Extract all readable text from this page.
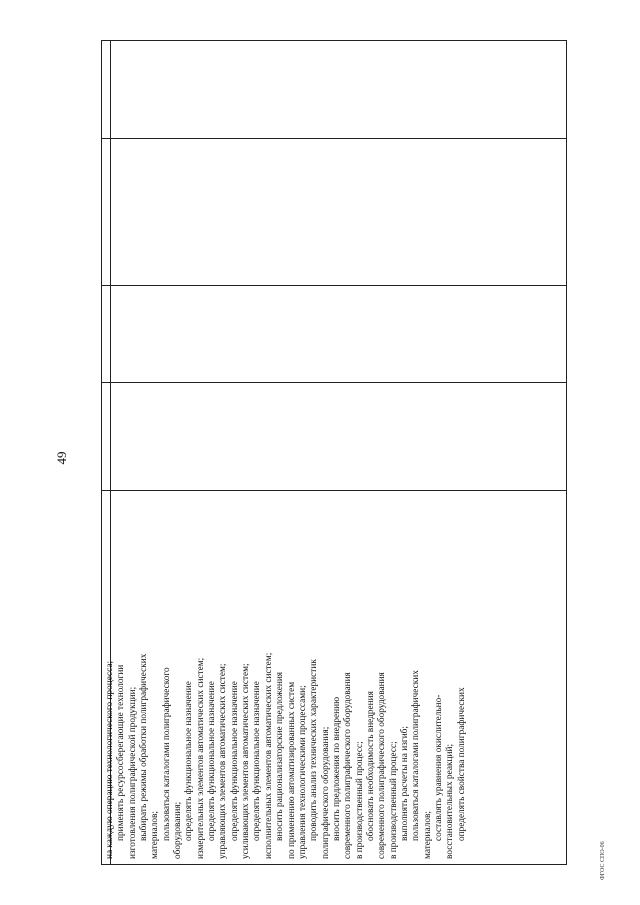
49
ФГОС СПО-06
на каждую операцию технологического процесса; применять ресурсосберегающие технологии изготовления полиграфической продукции; выбирать режимы обработки полиграфических материалов; пользоваться каталогами полиграфического оборудования; определять функциональное назначение измерительных элементов автоматических систем; определять функциональное назначение управляющих элементов автоматических систем; определять функциональное назначение усиливающих элементов автоматических систем; определять функциональное назначение исполнительных элементов автоматических систем; вносить рационализаторские предложения по применению автоматизированных систем управления технологическими процессами; проводить анализ технических характеристик полиграфического оборудования; вносить предложения по внедрению современного полиграфического оборудования в производственный процесс; обосновать необходимость внедрения современного полиграфического оборудования в производственный процесс; выполнять расчеты на изгиб; пользоваться каталогами полиграфических материалов; составлять уравнения окислительно- восстановительных реакций; определять свойства полиграфических
